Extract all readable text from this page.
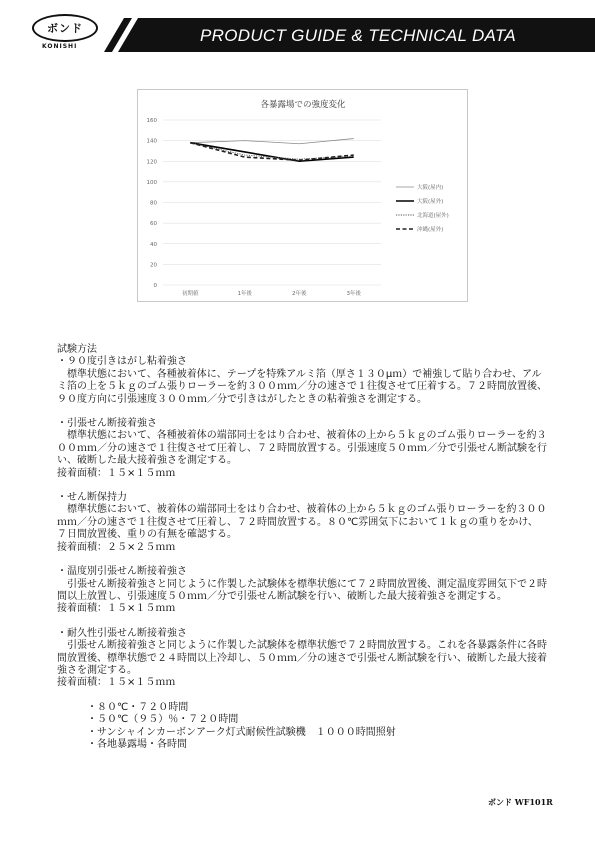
ボンド
KONISHI
PRODUCT GUIDE & TECHNICAL DATA
各暴露場での強度変化
0
20
40
60
80
100
120
140
160
初期値	1年後	2年後	3年後
大阪(屋内)
大阪(屋外)
北海道(屋外)
沖縄(屋外)

試験方法

・９０度引きはがし粘着強さ

標準状態において、各種被着体に、テープを特殊アルミ箔（厚さ１３０μｍ）で補強して貼り合わせ、アルミ箔の上を５ｋｇのゴム張りローラーを約３００ｍｍ／分の速さで１往復させて圧着する。７２時間放置後、９０度方向に引張速度３００ｍｍ／分で引きはがしたときの粘着強さを測定する。

・引張せん断接着強さ

標準状態において、各種被着体の端部同士をはり合わせ、被着体の上から５ｋｇのゴム張りローラーを約３００ｍｍ／分の速さで１往復させて圧着し、７２時間放置する。引張速度５０ｍｍ／分で引張せん断試験を行い、破断した最大接着強さを測定する。

接着面積：１５×１５ｍｍ

・せん断保持力

標準状態において、被着体の端部同士をはり合わせ、被着体の上から５ｋｇのゴム張りローラーを約３００ｍｍ／分の速さで１往復させて圧着し、７２時間放置する。８０℃雰囲気下において１ｋｇの重りをかけ、７日間放置後、重りの有無を確認する。

接着面積：２５×２５ｍｍ

・温度別引張せん断接着強さ

引張せん断接着強さと同じように作製した試験体を標準状態にて７２時間放置後、測定温度雰囲気下で２時間以上放置し、引張速度５０ｍｍ／分で引張せん断試験を行い、破断した最大接着強さを測定する。

接着面積：１５×１５ｍｍ

・耐久性引張せん断接着強さ

引張せん断接着強さと同じように作製した試験体を標準状態で７２時間放置する。これを各暴露条件に各時間放置後、標準状態で２４時間以上冷却し、５０ｍｍ／分の速さで引張せん断試験を行い、破断した最大接着強さを測定する。

接着面積：１５×１５ｍｍ

・８０℃・７２０時間

・５０℃（９５）％・７２０時間

・サンシャインカーボンアーク灯式耐候性試験機　１０００時間照射

・各地暴露場・各時間

ボンド WF101R
